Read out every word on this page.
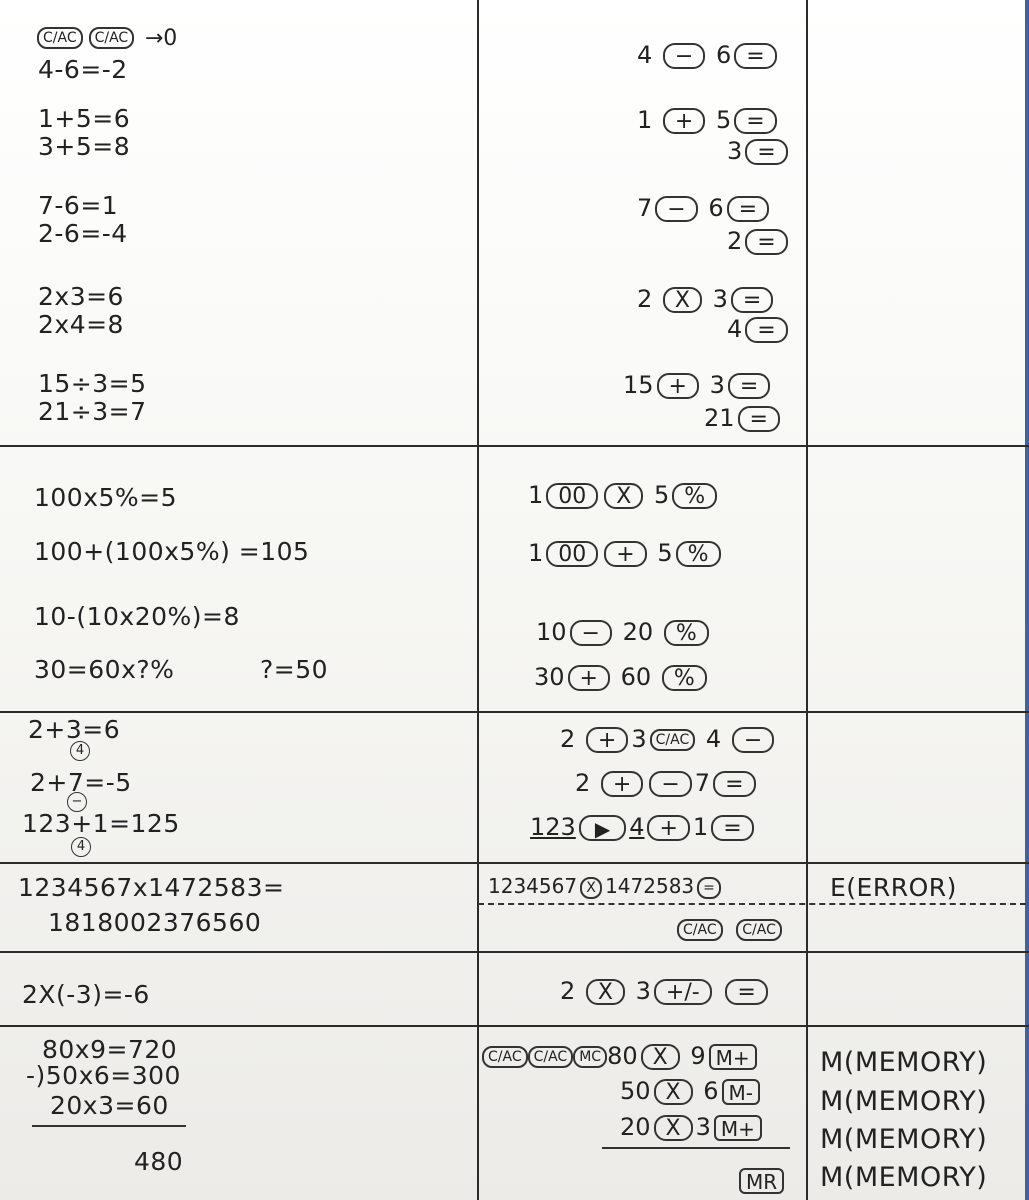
C/AC C/AC →0
4-6=-2
1+5=6
3+5=8
7-6=1
2-6=-4
2x3=6
2x4=8
15÷3=5
21÷3=7
4 − 6 =
1 + 5 =
3 =
7 − 6 =
2 =
2 X 3 =
4 =
15 + 3 =
21 =
100x5%=5
100+(100x5%) =105
10-(10x20%)=8
30=60x?%	?=50
1 00 X 5 %
1 00 + 5 %
10 − 20 %
30 + 60 %
2+3=6
4
2+7=-5
−
123+1=125
4
2 + 3 C/AC 4 −
2 + − 7 =
123 ▶ 4 + 1 =
1234567x1472583=
1818002376560
1234567 X 1472583 =
C/AC C/AC
E(ERROR)
2X(-3)=-6	2 X 3 +/- =
80x9=720
-)50x6=300
20x3=60
480
C/AC C/AC MC 80 X 9 M+
50 X 6 M-
20 X 3 M+
MR
M(MEMORY)
M(MEMORY)
M(MEMORY)
M(MEMORY)
